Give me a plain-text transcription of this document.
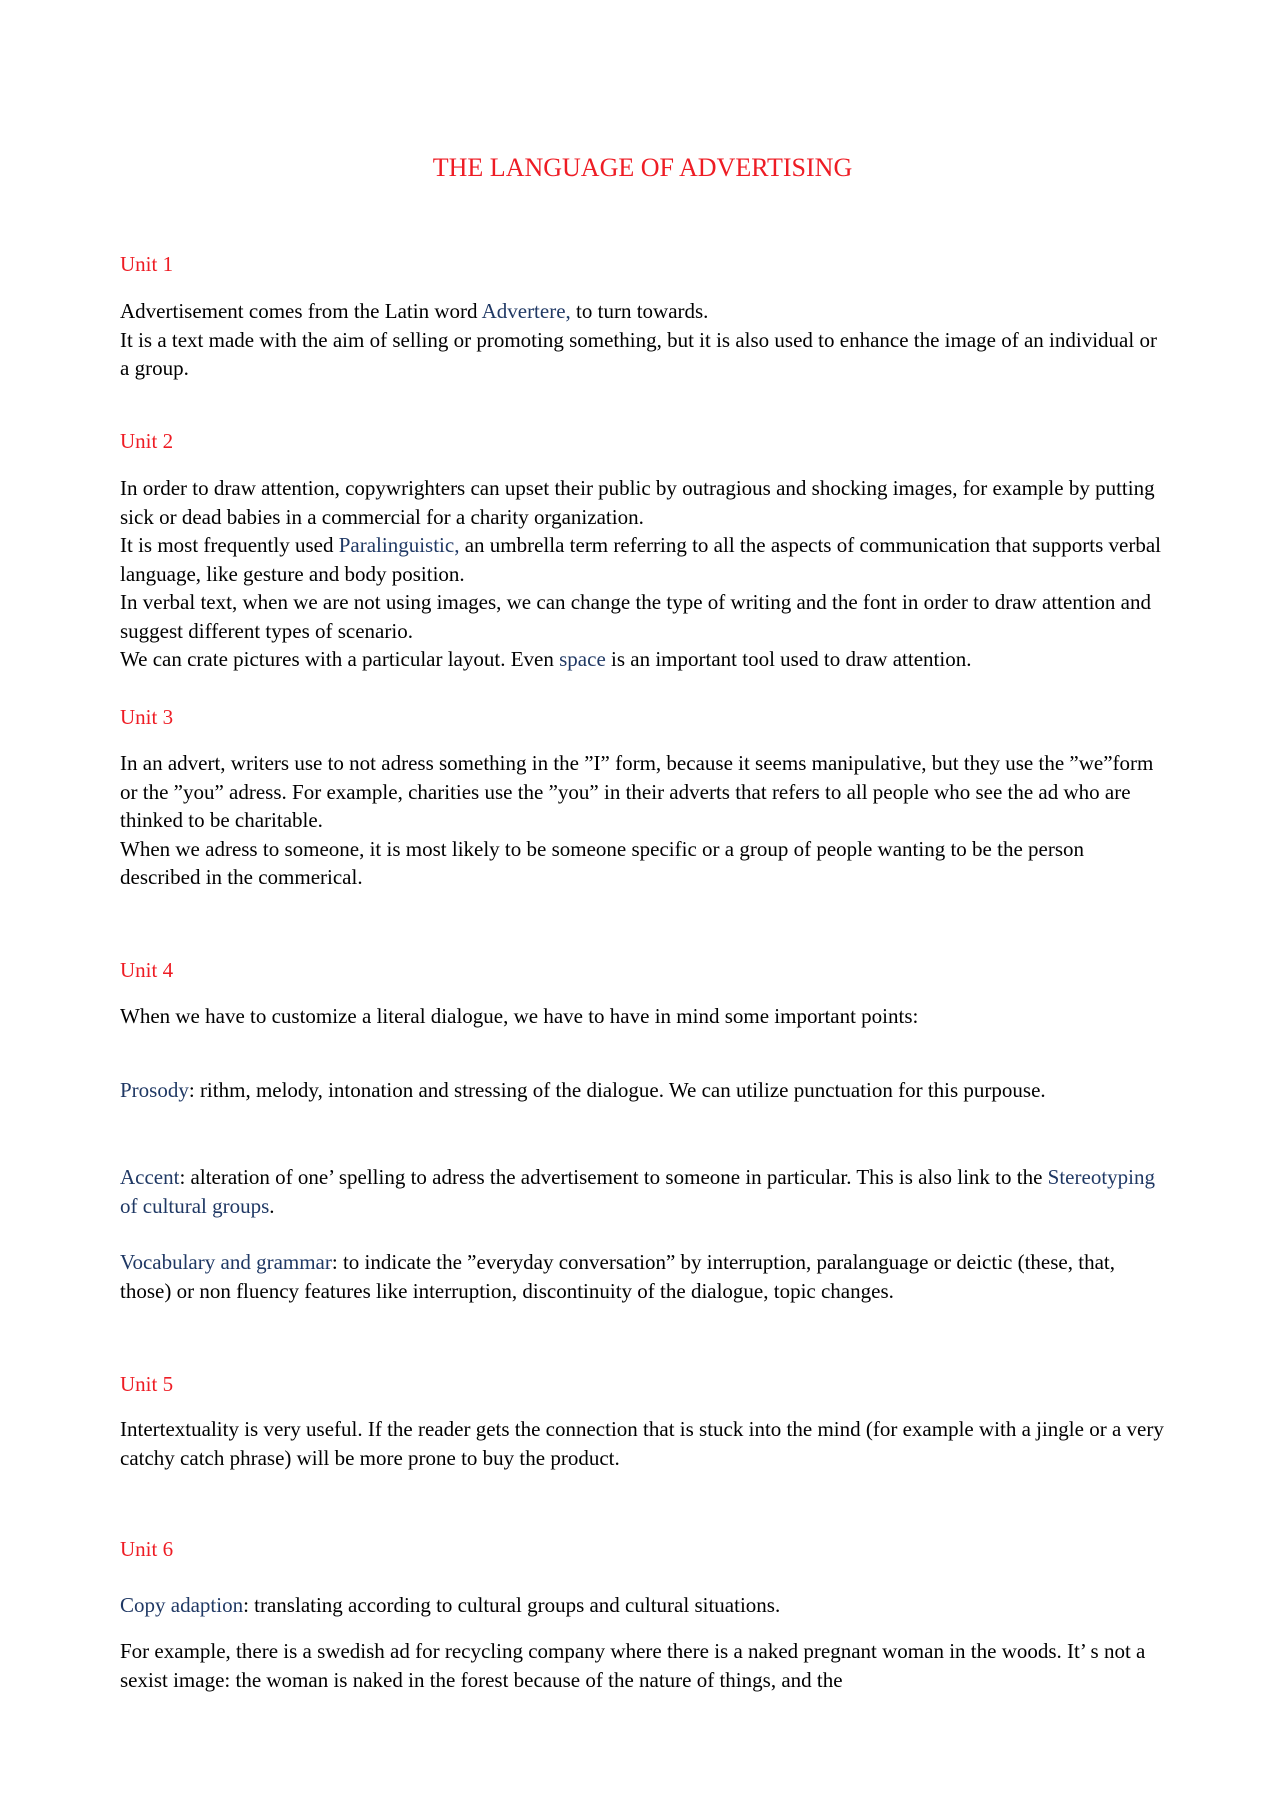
THE LANGUAGE OF ADVERTISING
Unit 1

Advertisement comes from the Latin word Advertere, to turn towards.
It is a text made with the aim of selling or promoting something, but it is also used to enhance the image of an individual or a group.

Unit 2

In order to draw attention, copywrighters can upset their public by outragious and shocking images, for example by putting sick or dead babies in a commercial for a charity organization.
It is most frequently used Paralinguistic, an umbrella term referring to all the aspects of communication that supports verbal language, like gesture and body position.
In verbal text, when we are not using images, we can change the type of writing and the font in order to draw attention and suggest different types of scenario.
We can crate pictures with a particular layout. Even space is an important tool used to draw attention.

Unit 3

In an advert, writers use to not adress something in the ”I” form, because it seems manipulative, but they use the ”we”form or the ”you” adress. For example, charities use the ”you” in their adverts that refers to all people who see the ad who are thinked to be charitable.
When we adress to someone, it is most likely to be someone specific or a group of people wanting to be the person described in the commerical.

Unit 4

When we have to customize a literal dialogue, we have to have in mind some important points:

Prosody: rithm, melody, intonation and stressing of the dialogue. We can utilize punctuation for this purpouse.

Accent: alteration of one’ spelling to adress the advertisement to someone in particular. This is also link to the Stereotyping of cultural groups.

Vocabulary and grammar: to indicate the ”everyday conversation” by interruption, paralanguage or deictic (these, that, those) or non fluency features like interruption, discontinuity of the dialogue, topic changes.

Unit 5

Intertextuality is very useful. If the reader gets the connection that is stuck into the mind (for example with a jingle or a very catchy catch phrase) will be more prone to buy the product.

Unit 6

Copy adaption: translating according to cultural groups and cultural situations.

For example, there is a swedish ad for recycling company where there is a naked pregnant woman in the woods. It’ s not a sexist image: the woman is naked in the forest because of the nature of things, and the
